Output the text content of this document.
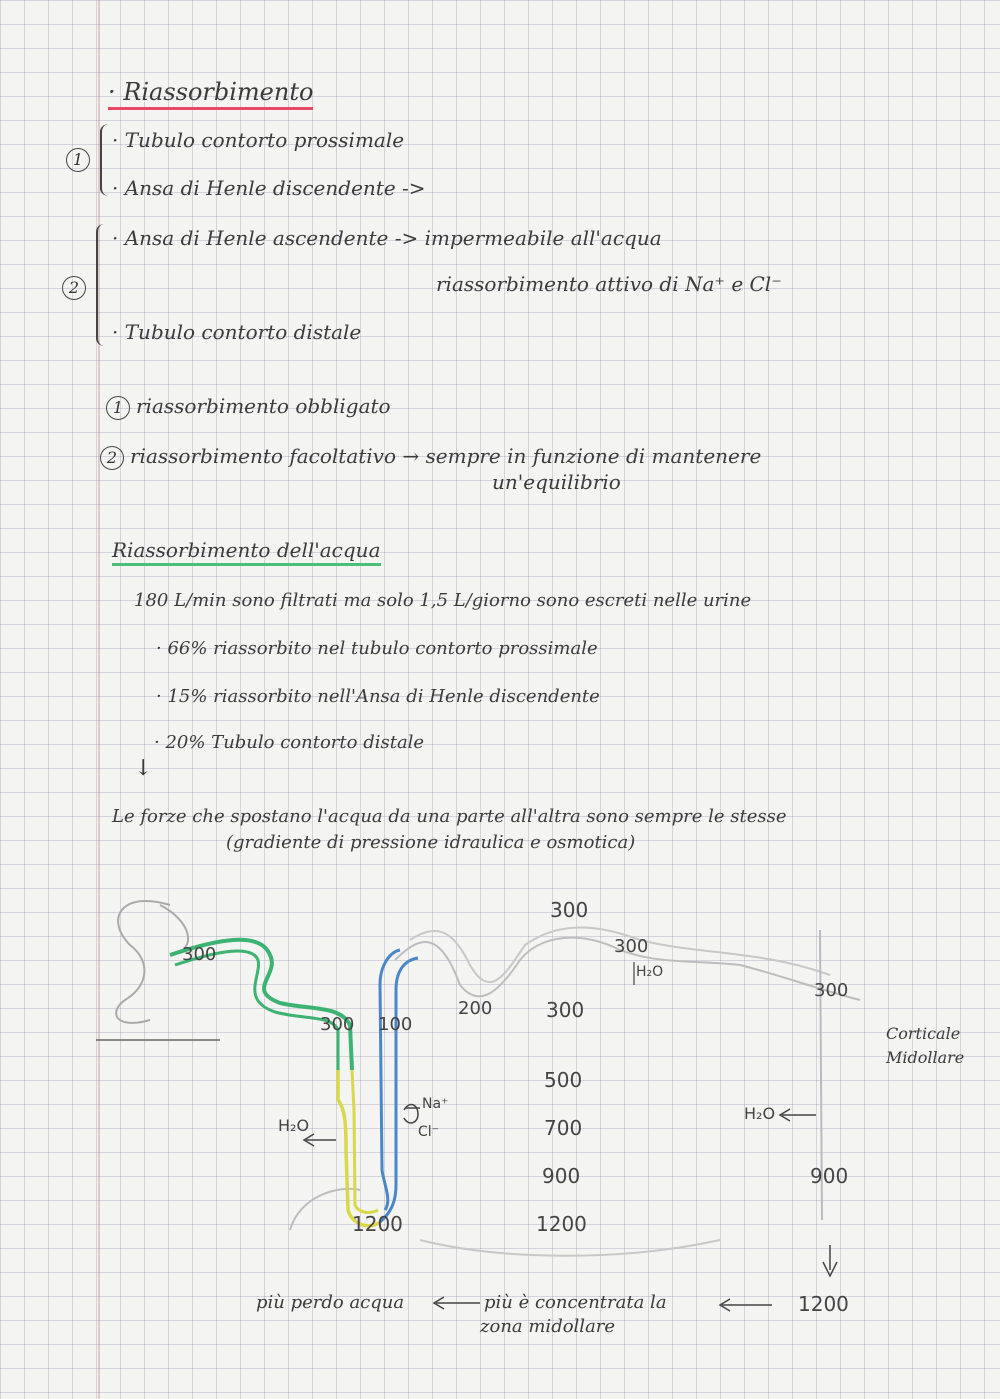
· Riassorbimento
1
· Tubulo contorto prossimale
· Ansa di Henle discendente ->
2
· Ansa di Henle ascendente -> impermeabile all'acqua
riassorbimento attivo di Na⁺ e Cl⁻
· Tubulo contorto distale
1 riassorbimento obbligato
2 riassorbimento facoltativo → sempre in funzione di mantenere
un'equilibrio
Riassorbimento dell'acqua
180 L/min sono filtrati ma solo 1,5 L/giorno sono escreti nelle urine
· 66% riassorbito nel tubulo contorto prossimale
· 15% riassorbito nell'Ansa di Henle discendente
· 20% Tubulo contorto distale
↓
Le forze che spostano l'acqua da una parte all'altra sono sempre le stesse
(gradiente di pressione idraulica e osmotica)
300
300 100
200
300
300
H₂O
300
Corticale
Midollare
H₂O
Na⁺
Cl⁻
H₂O
1200
900
300
500
700
900
1200
più perdo acqua	più è concentrata la
zona midollare
1200
